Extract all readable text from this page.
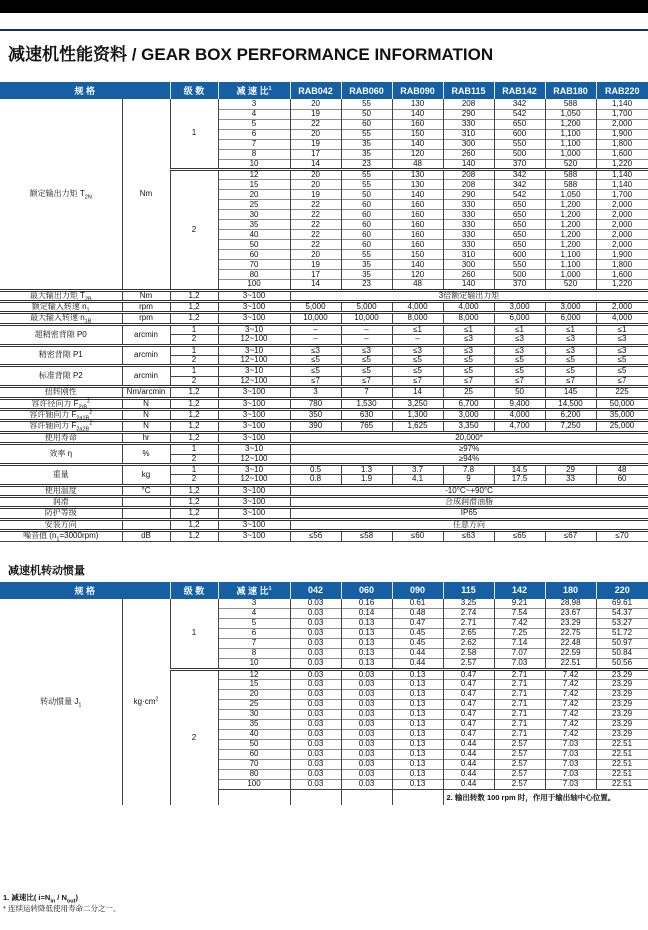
减速机性能资料 / GEAR BOX PERFORMANCE INFORMATION
规 格		级 数	减 速 比$^1$	RAB042	RAB060	RAB090	RAB115	RAB142	RAB180	RAB220
额定输出力矩 $T_{2N}$	Nm	1	3	20	55	130	208	342	588	1,140
			4	19	50	140	290	542	1,050	1,700
			5	22	60	160	330	650	1,200	2,000
			6	20	55	150	310	600	1,100	1,900
			7	19	35	140	300	550	1,100	1,800
			8	17	35	120	260	500	1,000	1,600
			10	14	23	48	140	370	520	1,220
		2	12	20	55	130	208	342	588	1,140
			15	20	55	130	208	342	588	1,140
			20	19	50	140	290	542	1,050	1,700
			25	22	60	160	330	650	1,200	2,000
			30	22	60	160	330	650	1,200	2,000
			35	22	60	160	330	650	1,200	2,000
			40	22	60	160	330	650	1,200	2,000
			50	22	60	160	330	650	1,200	2,000
			60	20	55	150	310	600	1,100	1,900
			70	19	35	140	300	550	1,100	1,800
			80	17	35	120	260	500	1,000	1,600
			100	14	23	48	140	370	520	1,220
最大输出力矩 $T_{2B}$	Nm	1,2	3~100	3倍额定输出力矩						
额定输入转速 $n_1$	rpm	1,2	3~100	5,000	5,000	4,000	4,000	3,000	3,000	2,000
最大输入转速 $n_{1B}$	rpm	1,2	3~100	10,000	10,000	8,000	8,000	6,000	6,000	4,000
超精密背隙 P0	arcmin	1	3~10	–	–	≤1	≤1	≤1	≤1	≤1
		2	12~100	–	–	–	≤3	≤3	≤3	≤3
精密背隙 P1	arcmin	1	3~10	≤3	≤3	≤3	≤3	≤3	≤3	≤3
		2	12~100	≤5	≤5	≤5	≤5	≤5	≤5	≤5
标准背隙 P2	arcmin	1	3~10	≤5	≤5	≤5	≤5	≤5	≤5	≤5
		2	12~100	≤7	≤7	≤7	≤7	≤7	≤7	≤7
扭转刚性	Nm/arcmin	1,2	3~100	3	7	14	25	50	145	225
容许径向力 $F_{2rB}^2$	N	1,2	3~100	780	1,530	3,250	6,700	9,400	14,500	50,000
容许轴向力 $F_{2a1B}^2$	N	1,2	3~100	350	630	1,300	3,000	4,000	6,200	35,000
容许轴向力 $F_{2a2B}^2$	N	1,2	3~100	390	765	1,625	3,350	4,700	7,250	25,000
使用寿命	hr	1,2	3~100	20,000*						
效率 η	%	1	3~10	≥97%						
		2	12~100	≥94%						
重量	kg	1	3~10	0.5	1.3	3.7	7.8	14.5	29	48
		2	12~100	0.8	1.9	4.1	9	17.5	33	60
使用温度	°C	1,2	3~100	-10°C~+90°C						
润滑		1,2	3~100	合成润滑油脂						
防护等级		1,2	3~100	IP65						
安装方向		1,2	3~100	任意方向						
噪音值 $(n_1=3000rpm)$	dB	1,2	3~100	≤56	≤58	≤60	≤63	≤65	≤67	≤70
减速机转动惯量
规 格		级 数	减 速 比$^1$	042	060	090	115	142	180	220
转动惯量 $J_1$	$kg\cdot cm^2$	1	3	0.03	0.16	0.61	3.25	9.21	28.98	69.61
			4	0.03	0.14	0.48	2.74	7.54	23.67	54.37
			5	0.03	0.13	0.47	2.71	7.42	23.29	53.27
			6	0.03	0.13	0.45	2.65	7.25	22.75	51.72
			7	0.03	0.13	0.45	2.62	7.14	22.48	50.97
			8	0.03	0.13	0.44	2.58	7.07	22.59	50.84
			10	0.03	0.13	0.44	2.57	7.03	22.51	50.56
		2	12	0.03	0.03	0.13	0.47	2.71	7.42	23.29
			15	0.03	0.03	0.13	0.47	2.71	7.42	23.29
			20	0.03	0.03	0.13	0.47	2.71	7.42	23.29
			25	0.03	0.03	0.13	0.47	2.71	7.42	23.29
			30	0.03	0.03	0.13	0.47	2.71	7.42	23.29
			35	0.03	0.03	0.13	0.47	2.71	7.42	23.29
			40	0.03	0.03	0.13	0.47	2.71	7.42	23.29
			50	0.03	0.03	0.13	0.44	2.57	7.03	22.51
			60	0.03	0.03	0.13	0.44	2.57	7.03	22.51
			70	0.03	0.03	0.13	0.44	2.57	7.03	22.51
			80	0.03	0.03	0.13	0.44	2.57	7.03	22.51
			100	0.03	0.03	0.13	0.44	2.57	7.03	22.51
							2. 输出转数 100 rpm 时，作用于输出轴中心位置。			
1. 减速比( $i=N_{in} / N_{out}$)
* 连续运转降低使用寿命二分之一。
